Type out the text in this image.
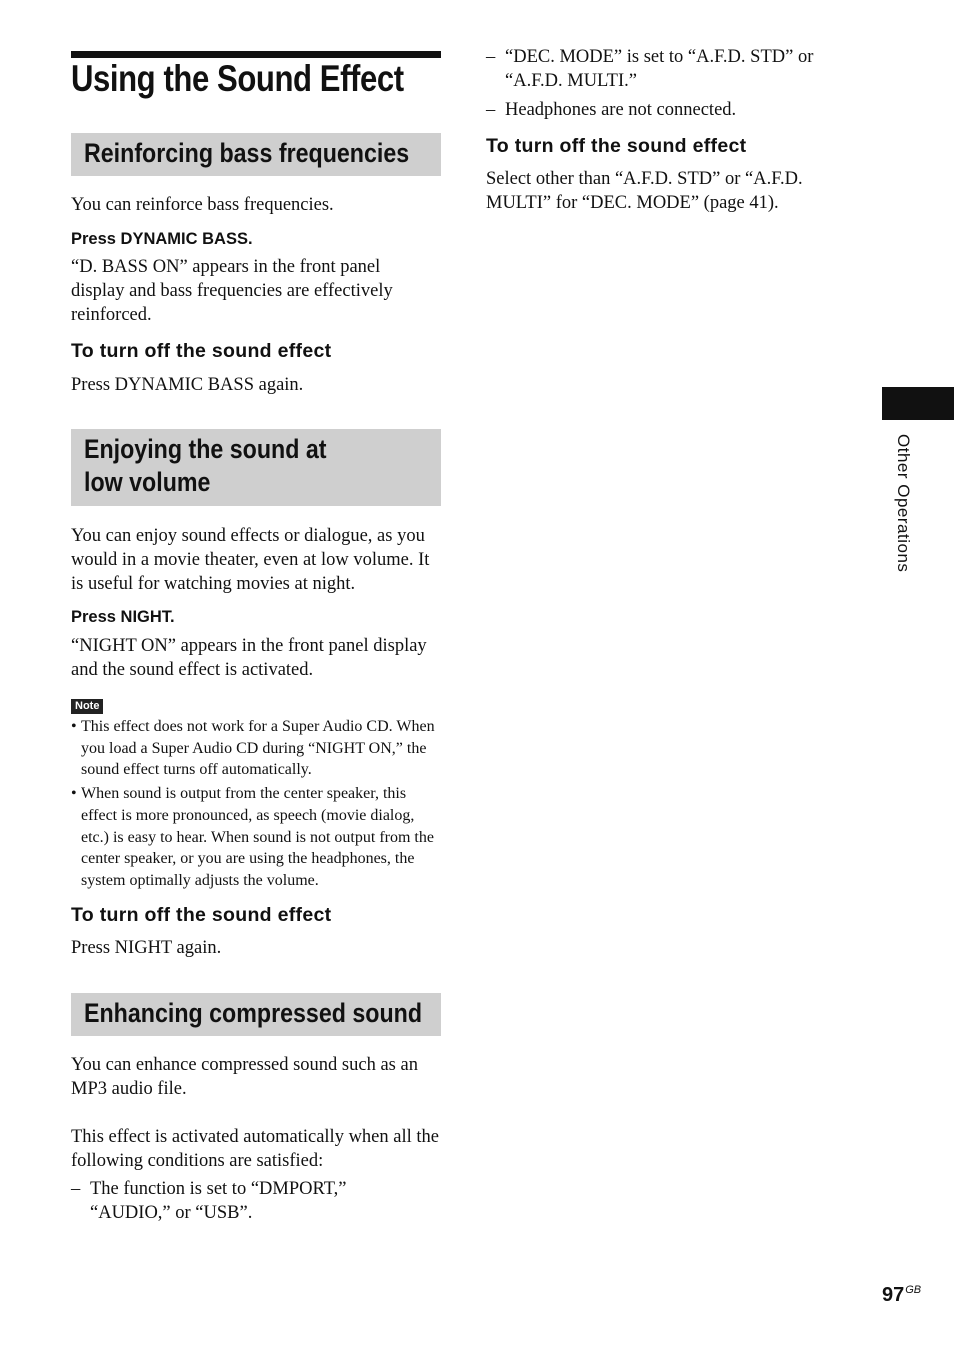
Using the Sound Effect
Reinforcing bass frequencies

You can reinforce bass frequencies.

Press DYNAMIC BASS.

“D. BASS ON” appears in the front panel display and bass frequencies are effectively reinforced.

To turn off the sound effect

Press DYNAMIC BASS again.

Enjoying the sound at low volume

You can enjoy sound effects or dialogue, as you would in a movie theater, even at low volume. It is useful for watching movies at night.

Press NIGHT.

“NIGHT ON” appears in the front panel display and the sound effect is activated.

Note
• This effect does not work for a Super Audio CD. When you load a Super Audio CD during “NIGHT ON,” the sound effect turns off automatically.
• When sound is output from the center speaker, this effect is more pronounced, as speech (movie dialog, etc.) is easy to hear. When sound is not output from the center speaker, or you are using the headphones, the system optimally adjusts the volume.

To turn off the sound effect

Press NIGHT again.

Enhancing compressed sound

You can enhance compressed sound such as an MP3 audio file.

This effect is activated automatically when all the following conditions are satisfied:

– The function is set to “DMPORT,” “AUDIO,” or “USB”.
– “DEC. MODE” is set to “A.F.D. STD” or “A.F.D. MULTI.”
– Headphones are not connected.

To turn off the sound effect

Select other than “A.F.D. STD” or “A.F.D. MULTI” for “DEC. MODE” (page 41).

Other Operations
$97^{GB}$
